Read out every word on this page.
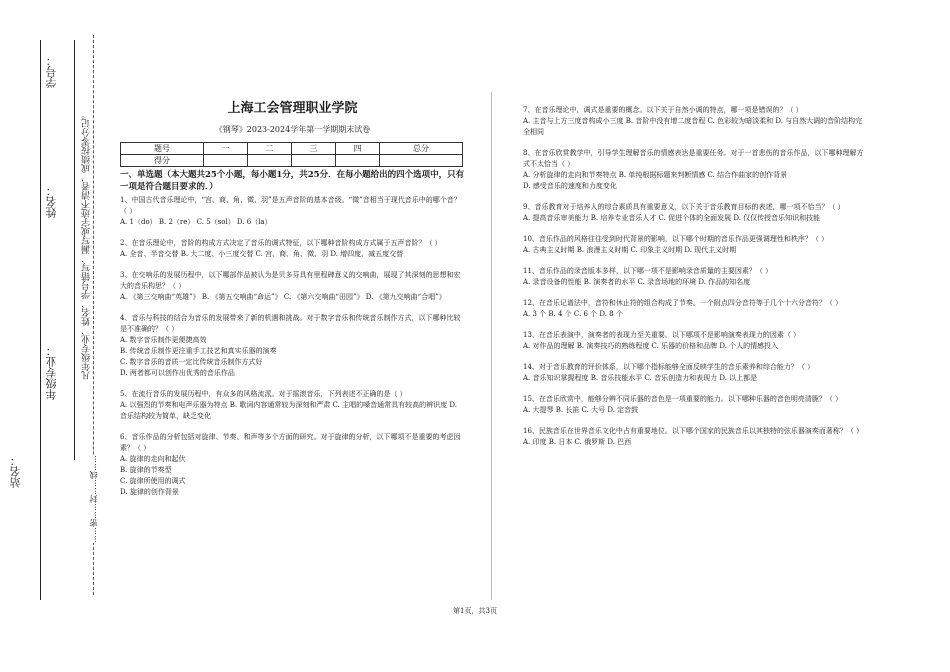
站名：
年级专业：
姓名：
学号：
凡年级专业、姓名、学号错写、漏写或字迹不清者，成绩按零分记。
……密……封……线……
上海工会管理职业学院
《钢琴》2023-2024学年第一学期期末试卷
题号	一	二	三	四	总分
得分					
一、单选题（本大题共25个小题，每小题1分，共25分．在每小题给出的四个选项中，只有一项是符合题目要求的．）

1、中国古代音乐理论中，“宫、商、角、徵、羽”是五声音阶的基本音级。“徵”音相当于现代音乐中的哪个音？（ ）

A. 1（do） B. 2（re） C. 5（sol） D. 6（la）

2、在音乐理论中，音阶的构成方式决定了音乐的调式特征，以下哪种音阶构成方式属于五声音阶？（ ）

A. 全音、半音交替 B. 大二度、小三度交替 C. 宫、商、角、徵、羽 D. 增四度、减五度交替

3、在交响乐的发展历程中，以下哪部作品被认为是贝多芬具有里程碑意义的交响曲，展现了其深刻的思想和宏大的音乐构思？（ ）

A. 《第三交响曲“英雄”》 B. 《第五交响曲“命运”》 C. 《第六交响曲“田园”》 D. 《第九交响曲“合唱”》

4、音乐与科技的结合为音乐的发展带来了新的机遇和挑战。对于数字音乐和传统音乐制作方式，以下哪种比较是不准确的？（ ）

A. 数字音乐制作更便捷高效

B. 传统音乐制作更注重手工技艺和真实乐器的演奏

C. 数字音乐的音质一定比传统音乐制作方式好

D. 两者都可以创作出优秀的音乐作品

5、在流行音乐的发展历程中，有众多的风格流派。对于摇滚音乐，下列表述不正确的是（ ）

A. 以强烈的节奏和电声乐器为特点 B. 歌词内容通常较为深刻和严肃 C. 主唱的嗓音通常具有较高的辨识度 D. 音乐结构较为简单，缺乏变化

6、音乐作品的分析包括对旋律、节奏、和声等多个方面的研究。对于旋律的分析，以下哪项不是重要的考虑因素？（ ）

A. 旋律的走向和起伏

B. 旋律的节奏型

C. 旋律所使用的调式

D. 旋律的创作背景

7、在音乐理论中，调式是重要的概念。以下关于自然小调的特点，哪一项是错误的？（ ）

A. 主音与上方三度音构成小三度 B. 音阶中没有增二度音程 C. 色彩较为暗淡柔和 D. 与自然大调的音阶结构完全相同

8、在音乐欣赏教学中，引导学生理解音乐的情感表达是重要任务。对于一首悲伤的音乐作品，以下哪种理解方式不太恰当（ ）

A. 分析旋律的走向和节奏特点 B. 单纯根据标题来判断情感 C. 结合作曲家的创作背景

D. 感受音乐的速度和力度变化

9、音乐教育对于培养人的综合素质具有重要意义，以下关于音乐教育目标的表述，哪一项不恰当？（ ）

A. 提高音乐审美能力 B. 培养专业音乐人才 C. 促进个体的全面发展 D. 仅仅传授音乐知识和技能

10、音乐作品的风格往往受到时代背景的影响，以下哪个时期的音乐作品更强调理性和秩序？（ ）

A. 古典主义时期 B. 浪漫主义时期 C. 印象主义时期 D. 现代主义时期

11、音乐作品的录音版本多样，以下哪一项不是影响录音质量的主要因素？（ ）

A. 录音设备的性能 B. 演奏者的水平 C. 录音场地的环境 D. 作品的知名度

12、在音乐记谱法中，音符和休止符的组合构成了节奏。一个附点四分音符等于几个十六分音符？（ ）

A. 3 个 B. 4 个 C. 6 个 D. 8 个

13、在音乐表演中，演奏者的表现力至关重要。以下哪项不是影响演奏表现力的因素（ ）

A. 对作品的理解 B. 演奏技巧的熟练程度 C. 乐器的价格和品牌 D. 个人的情感投入

14、对于音乐教育的评价体系，以下哪个指标能够全面反映学生的音乐素养和综合能力？（ ）

A. 音乐知识掌握程度 B. 音乐技能水平 C. 音乐创造力和表现力 D. 以上都是

15、在音乐欣赏中，能够分辨不同乐器的音色是一项重要的能力。以下哪种乐器的音色明亮清脆？（ ）

A. 大提琴 B. 长笛 C. 大号 D. 定音鼓

16、民族音乐在世界音乐文化中占有重要地位。以下哪个国家的民族音乐以其独特的弦乐器演奏而著称？（ ）

A. 印度 B. 日本 C. 俄罗斯 D. 巴西

第1页，共3页
